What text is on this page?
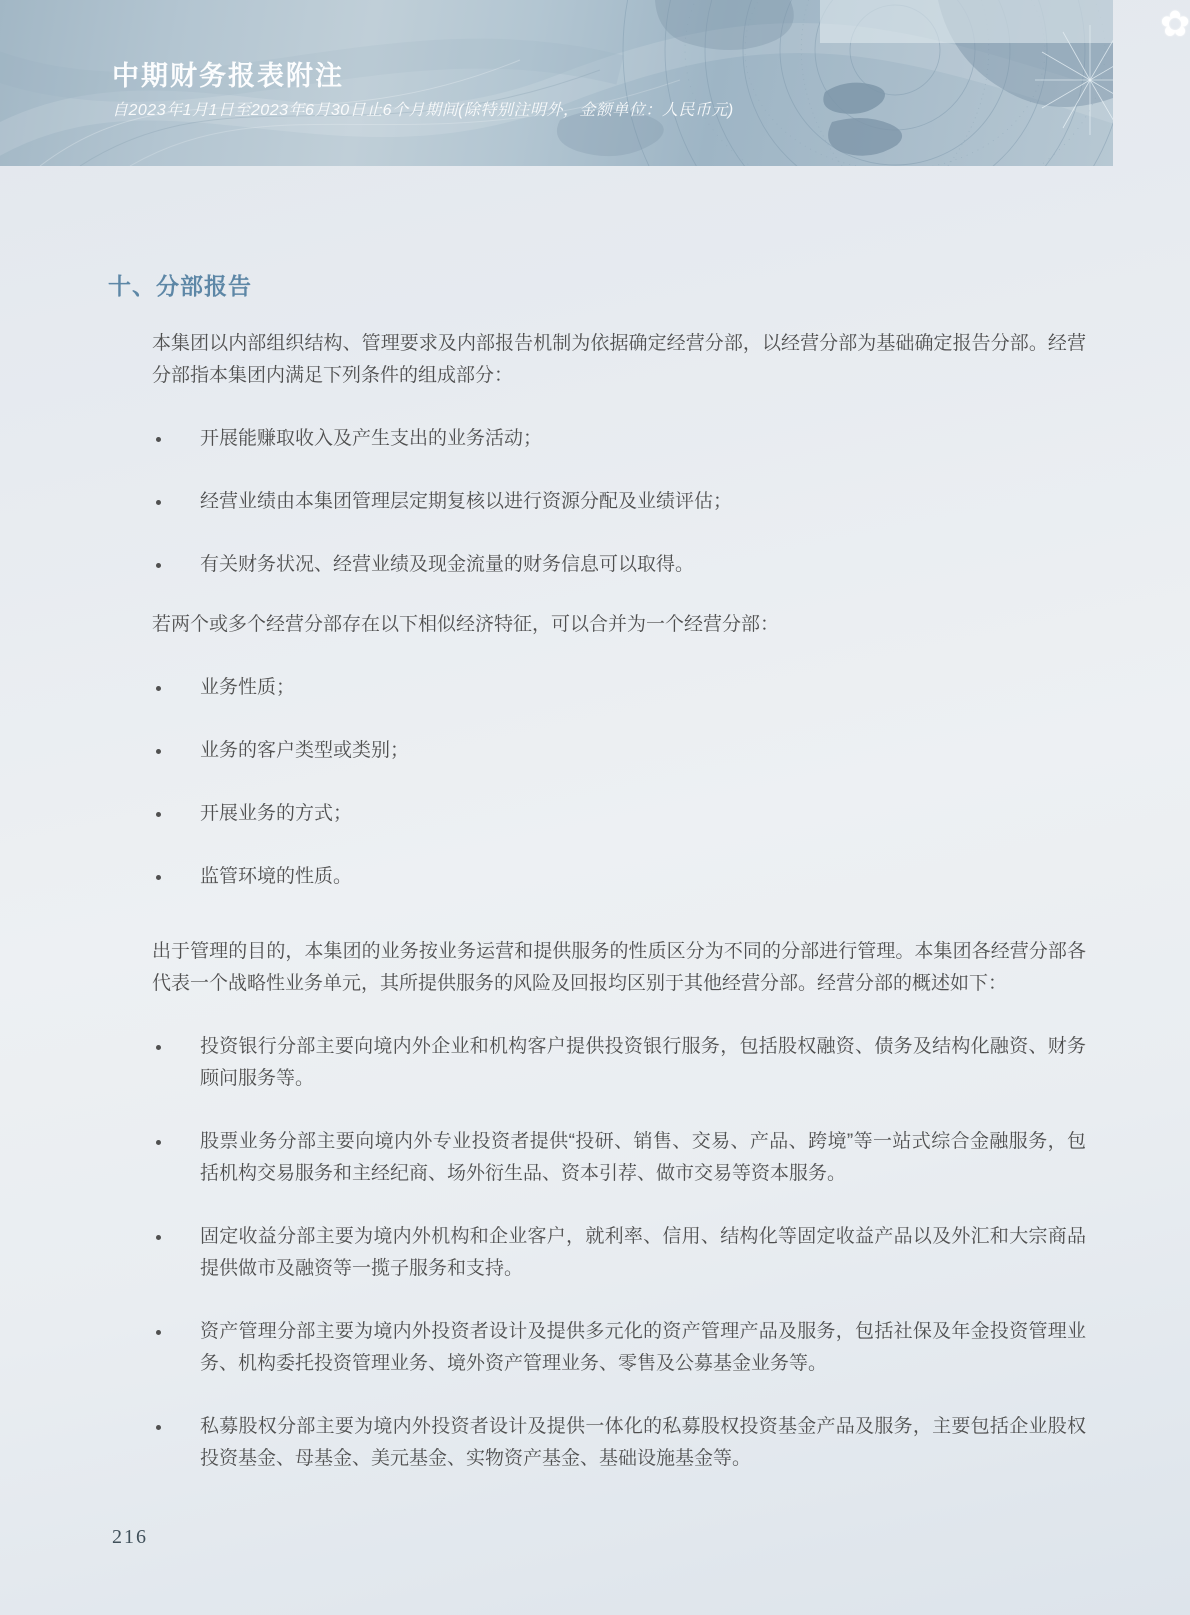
中期财务报表附注

自2023年1月1日至2023年6月30日止6个月期间(除特别注明外，金额单位：人民币元)

✿
十、分部报告

本集团以内部组织结构、管理要求及内部报告机制为依据确定经营分部，以经营分部为基础确定报告分部。经营分部指本集团内满足下列条件的组成部分：

开展能赚取收入及产生支出的业务活动；
经营业绩由本集团管理层定期复核以进行资源分配及业绩评估；
有关财务状况、经营业绩及现金流量的财务信息可以取得。

若两个或多个经营分部存在以下相似经济特征，可以合并为一个经营分部：

业务性质；
业务的客户类型或类别；
开展业务的方式；
监管环境的性质。

出于管理的目的，本集团的业务按业务运营和提供服务的性质区分为不同的分部进行管理。本集团各经营分部各代表一个战略性业务单元，其所提供服务的风险及回报均区别于其他经营分部。经营分部的概述如下：

投资银行分部主要向境内外企业和机构客户提供投资银行服务，包括股权融资、债务及结构化融资、财务顾问服务等。
股票业务分部主要向境内外专业投资者提供“投研、销售、交易、产品、跨境”等一站式综合金融服务，包括机构交易服务和主经纪商、场外衍生品、资本引荐、做市交易等资本服务。
固定收益分部主要为境内外机构和企业客户，就利率、信用、结构化等固定收益产品以及外汇和大宗商品提供做市及融资等一揽子服务和支持。
资产管理分部主要为境内外投资者设计及提供多元化的资产管理产品及服务，包括社保及年金投资管理业务、机构委托投资管理业务、境外资产管理业务、零售及公募基金业务等。
私募股权分部主要为境内外投资者设计及提供一体化的私募股权投资基金产品及服务，主要包括企业股权投资基金、母基金、美元基金、实物资产基金、基础设施基金等。
216
